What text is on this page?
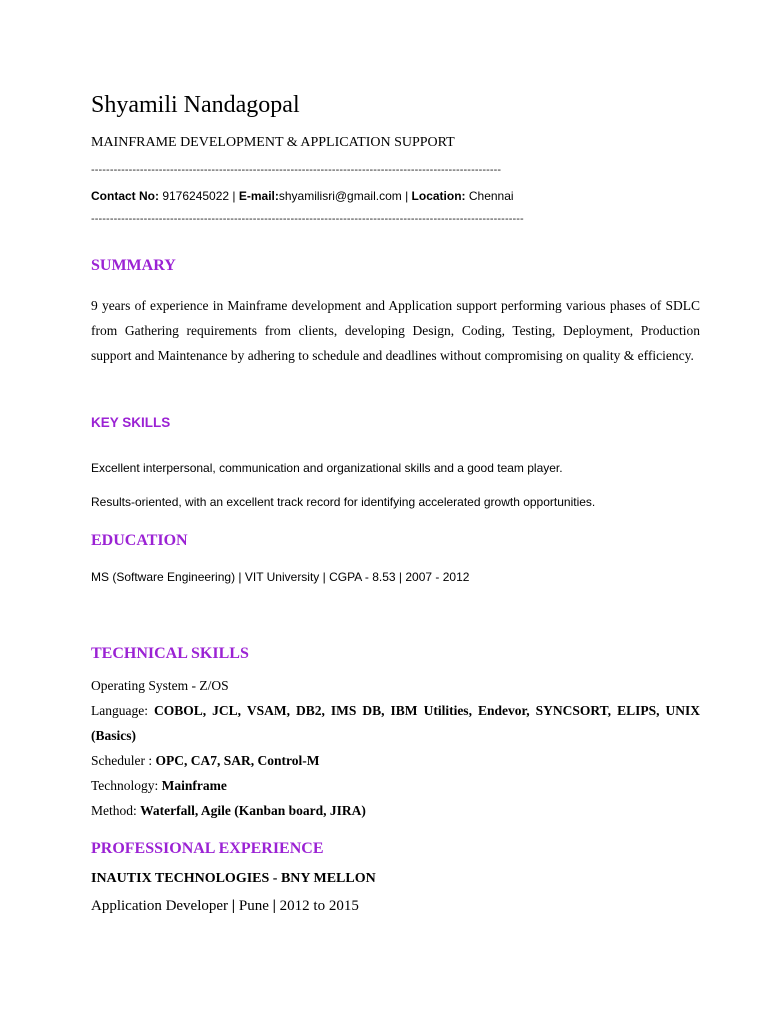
Shyamili Nandagopal
MAINFRAME DEVELOPMENT & APPLICATION SUPPORT
-------------------------------------------------------------------------------------------------------------
Contact No: 9176245022 | E-mail:shyamilisri@gmail.com | Location: Chennai
-------------------------------------------------------------------------------------------------------------------
SUMMARY
9 years of experience in Mainframe development and Application support performing various phases of SDLC from Gathering requirements from clients, developing Design, Coding, Testing, Deployment, Production support and Maintenance by adhering to schedule and deadlines without compromising on quality & efficiency.
KEY SKILLS
Excellent interpersonal, communication and organizational skills and a good team player.
Results-oriented, with an excellent track record for identifying accelerated growth opportunities.
EDUCATION
MS (Software Engineering) | VIT University | CGPA - 8.53 | 2007 - 2012
TECHNICAL SKILLS
Operating System - Z/OS
Language: COBOL, JCL, VSAM, DB2, IMS DB, IBM Utilities, Endevor, SYNCSORT, ELIPS, UNIX
(Basics)
Scheduler : OPC, CA7, SAR, Control-M
Technology: Mainframe
Method: Waterfall, Agile (Kanban board, JIRA)
PROFESSIONAL EXPERIENCE
INAUTIX TECHNOLOGIES - BNY MELLON
Application Developer | Pune | 2012 to 2015
